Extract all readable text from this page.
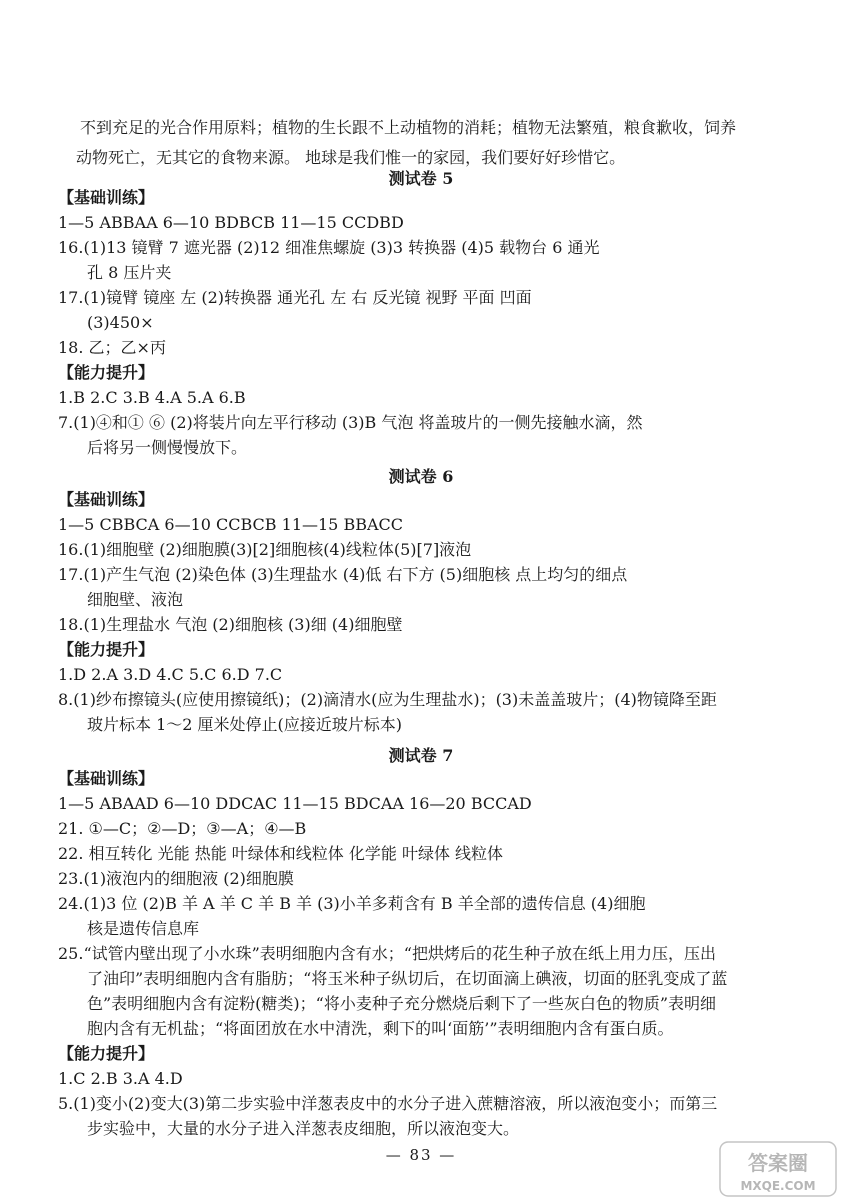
不到充足的光合作用原料；植物的生长跟不上动植物的消耗；植物无法繁殖，粮食歉收，饲养

动物死亡，无其它的食物来源。 地球是我们惟一的家园，我们要好好珍惜它。

测试卷 5
【基础训练】
1—5 ABBAA 6—10 BDBCB 11—15 CCDBD
16.(1)13 镜臂 7 遮光器 (2)12 细准焦螺旋 (3)3 转换器 (4)5 载物台 6 通光
孔 8 压片夹
17.(1)镜臂 镜座 左 (2)转换器 通光孔 左 右 反光镜 视野 平面 凹面
(3)450×
18. 乙；乙×丙
【能力提升】
1.B 2.C 3.B 4.A 5.A 6.B
7.(1)④和① ⑥ (2)将装片向左平行移动 (3)B 气泡 将盖玻片的一侧先接触水滴，然
后将另一侧慢慢放下。
测试卷 6
【基础训练】
1—5 CBBCA 6—10 CCBCB 11—15 BBACC
16.(1)细胞壁 (2)细胞膜(3)[2]细胞核(4)线粒体(5)[7]液泡
17.(1)产生气泡 (2)染色体 (3)生理盐水 (4)低 右下方 (5)细胞核 点上均匀的细点
细胞壁、液泡
18.(1)生理盐水 气泡 (2)细胞核 (3)细 (4)细胞壁
【能力提升】
1.D 2.A 3.D 4.C 5.C 6.D 7.C
8.(1)纱布擦镜头(应使用擦镜纸)；(2)滴清水(应为生理盐水)；(3)未盖盖玻片；(4)物镜降至距
玻片标本 1～2 厘米处停止(应接近玻片标本)
测试卷 7
【基础训练】
1—5 ABAAD 6—10 DDCAC 11—15 BDCAA 16—20 BCCAD
21. ①—C；②—D；③—A；④—B
22. 相互转化 光能 热能 叶绿体和线粒体 化学能 叶绿体 线粒体
23.(1)液泡内的细胞液 (2)细胞膜
24.(1)3 位 (2)B 羊 A 羊 C 羊 B 羊 (3)小羊多莉含有 B 羊全部的遗传信息 (4)细胞
核是遗传信息库
25.“试管内壁出现了小水珠”表明细胞内含有水；“把烘烤后的花生种子放在纸上用力压，压出
了油印”表明细胞内含有脂肪；“将玉米种子纵切后，在切面滴上碘液，切面的胚乳变成了蓝
色”表明细胞内含有淀粉(糖类)；“将小麦种子充分燃烧后剩下了一些灰白色的物质”表明细
胞内含有无机盐；“将面团放在水中清洗，剩下的叫‘面筋’”表明细胞内含有蛋白质。
【能力提升】
1.C 2.B 3.A 4.D
5.(1)变小(2)变大(3)第二步实验中洋葱表皮中的水分子进入蔗糖溶液，所以液泡变小；而第三
步实验中，大量的水分子进入洋葱表皮细胞，所以液泡变大。
— 83 —	答案圈
MXQE.COM
